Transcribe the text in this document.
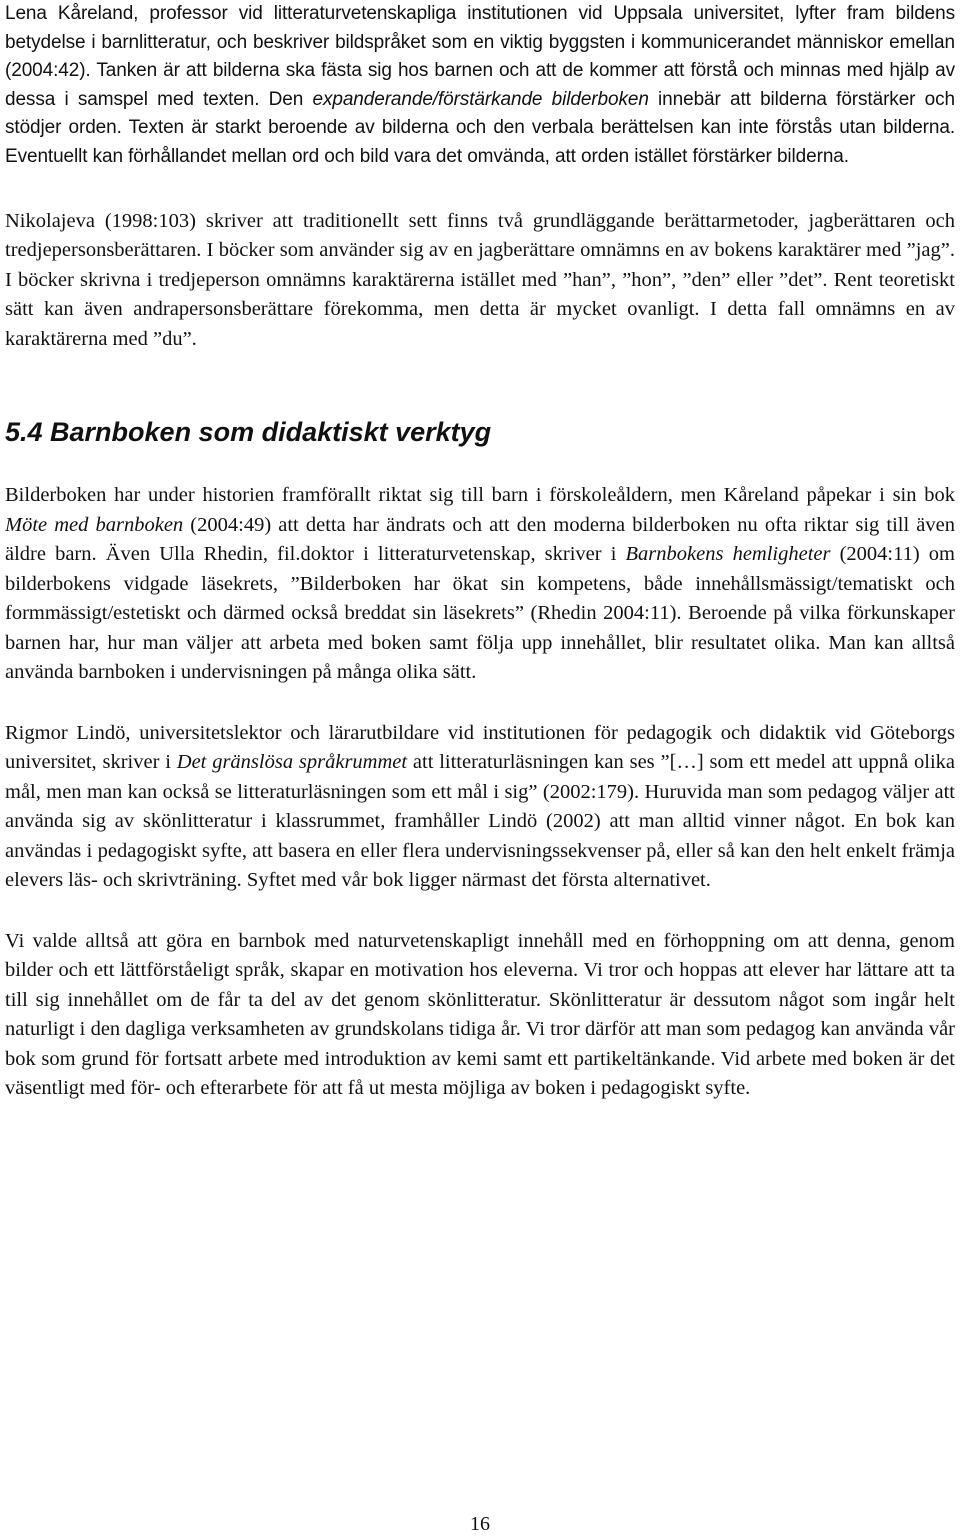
Lena Kåreland, professor vid litteraturvetenskapliga institutionen vid Uppsala universitet, lyfter fram bildens betydelse i barnlitteratur, och beskriver bildspråket som en viktig byggsten i kommunicerandet människor emellan (2004:42). Tanken är att bilderna ska fästa sig hos barnen och att de kommer att förstå och minnas med hjälp av dessa i samspel med texten. Den expanderande/förstärkande bilderboken innebär att bilderna förstärker och stödjer orden. Texten är starkt beroende av bilderna och den verbala berättelsen kan inte förstås utan bilderna. Eventuellt kan förhållandet mellan ord och bild vara det omvända, att orden istället förstärker bilderna.

Nikolajeva (1998:103) skriver att traditionellt sett finns två grundläggande berättarmetoder, jagberättaren och tredjepersonsberättaren. I böcker som använder sig av en jagberättare omnämns en av bokens karaktärer med ”jag”. I böcker skrivna i tredjeperson omnämns karaktärerna istället med ”han”, ”hon”, ”den” eller ”det”. Rent teoretiskt sätt kan även andrapersonsberättare förekomma, men detta är mycket ovanligt. I detta fall omnämns en av karaktärerna med ”du”.

5.4 Barnboken som didaktiskt verktyg

Bilderboken har under historien framförallt riktat sig till barn i förskoleåldern, men Kåreland påpekar i sin bok Möte med barnboken (2004:49) att detta har ändrats och att den moderna bilderboken nu ofta riktar sig till även äldre barn. Även Ulla Rhedin, fil.doktor i litteraturvetenskap, skriver i Barnbokens hemligheter (2004:11) om bilderbokens vidgade läsekrets, ”Bilderboken har ökat sin kompetens, både innehållsmässigt/tematiskt och formmässigt/estetiskt och därmed också breddat sin läsekrets” (Rhedin 2004:11). Beroende på vilka förkunskaper barnen har, hur man väljer att arbeta med boken samt följa upp innehållet, blir resultatet olika. Man kan alltså använda barnboken i undervisningen på många olika sätt.

Rigmor Lindö, universitetslektor och lärarutbildare vid institutionen för pedagogik och didaktik vid Göteborgs universitet, skriver i Det gränslösa språkrummet att litteraturläsningen kan ses ”[…] som ett medel att uppnå olika mål, men man kan också se litteraturläsningen som ett mål i sig” (2002:179). Huruvida man som pedagog väljer att använda sig av skönlitteratur i klassrummet, framhåller Lindö (2002) att man alltid vinner något. En bok kan användas i pedagogiskt syfte, att basera en eller flera undervisningssekvenser på, eller så kan den helt enkelt främja elevers läs- och skrivträning. Syftet med vår bok ligger närmast det första alternativet.

Vi valde alltså att göra en barnbok med naturvetenskapligt innehåll med en förhoppning om att denna, genom bilder och ett lättförståeligt språk, skapar en motivation hos eleverna. Vi tror och hoppas att elever har lättare att ta till sig innehållet om de får ta del av det genom skönlitteratur. Skönlitteratur är dessutom något som ingår helt naturligt i den dagliga verksamheten av grundskolans tidiga år. Vi tror därför att man som pedagog kan använda vår bok som grund för fortsatt arbete med introduktion av kemi samt ett partikeltänkande. Vid arbete med boken är det väsentligt med för- och efterarbete för att få ut mesta möjliga av boken i pedagogiskt syfte.

16
